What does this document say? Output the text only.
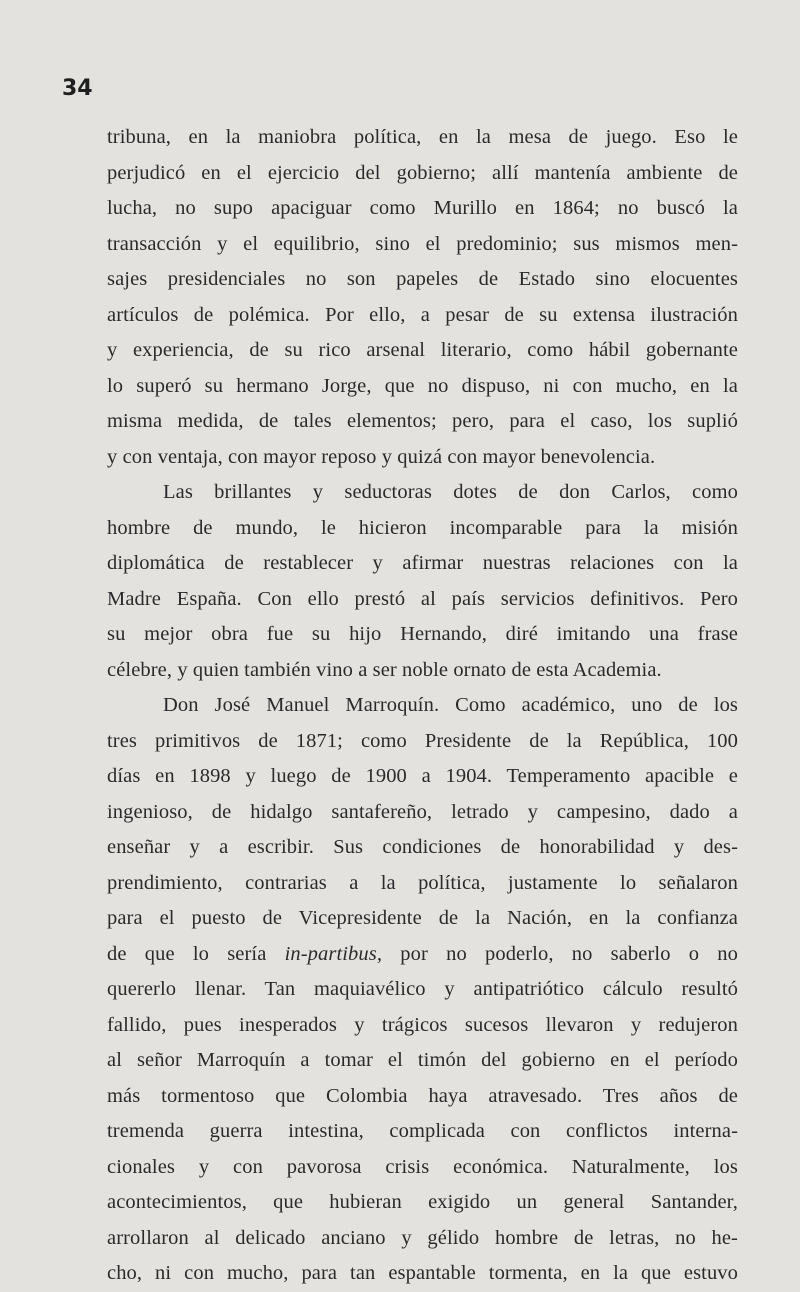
34

tribuna, en la maniobra política, en la mesa de juego. Eso le
perjudicó en el ejercicio del gobierno; allí mantenía ambiente de
lucha, no supo apaciguar como Murillo en 1864; no buscó la
transacción y el equilibrio, sino el predominio; sus mismos men-
sajes presidenciales no son papeles de Estado sino elocuentes
artículos de polémica. Por ello, a pesar de su extensa ilustración
y experiencia, de su rico arsenal literario, como hábil gobernante
lo superó su hermano Jorge, que no dispuso, ni con mucho, en la
misma medida, de tales elementos; pero, para el caso, los suplió
y con ventaja, con mayor reposo y quizá con mayor benevolencia.
Las brillantes y seductoras dotes de don Carlos, como
hombre de mundo, le hicieron incomparable para la misión
diplomática de restablecer y afirmar nuestras relaciones con la
Madre España. Con ello prestó al país servicios definitivos. Pero
su mejor obra fue su hijo Hernando, diré imitando una frase
célebre, y quien también vino a ser noble ornato de esta Academia.
Don José Manuel Marroquín. Como académico, uno de los
tres primitivos de 1871; como Presidente de la República, 100
días en 1898 y luego de 1900 a 1904. Temperamento apacible e
ingenioso, de hidalgo santafereño, letrado y campesino, dado a
enseñar y a escribir. Sus condiciones de honorabilidad y des-
prendimiento, contrarias a la política, justamente lo señalaron
para el puesto de Vicepresidente de la Nación, en la confianza
de que lo sería in-partibus, por no poderlo, no saberlo o no
quererlo llenar. Tan maquiavélico y antipatriótico cálculo resultó
fallido, pues inesperados y trágicos sucesos llevaron y redujeron
al señor Marroquín a tomar el timón del gobierno en el período
más tormentoso que Colombia haya atravesado. Tres años de
tremenda guerra intestina, complicada con conflictos interna-
cionales y con pavorosa crisis económica. Naturalmente, los
acontecimientos, que hubieran exigido un general Santander,
arrollaron al delicado anciano y gélido hombre de letras, no he-
cho, ni con mucho, para tan espantable tormenta, en la que estuvo
